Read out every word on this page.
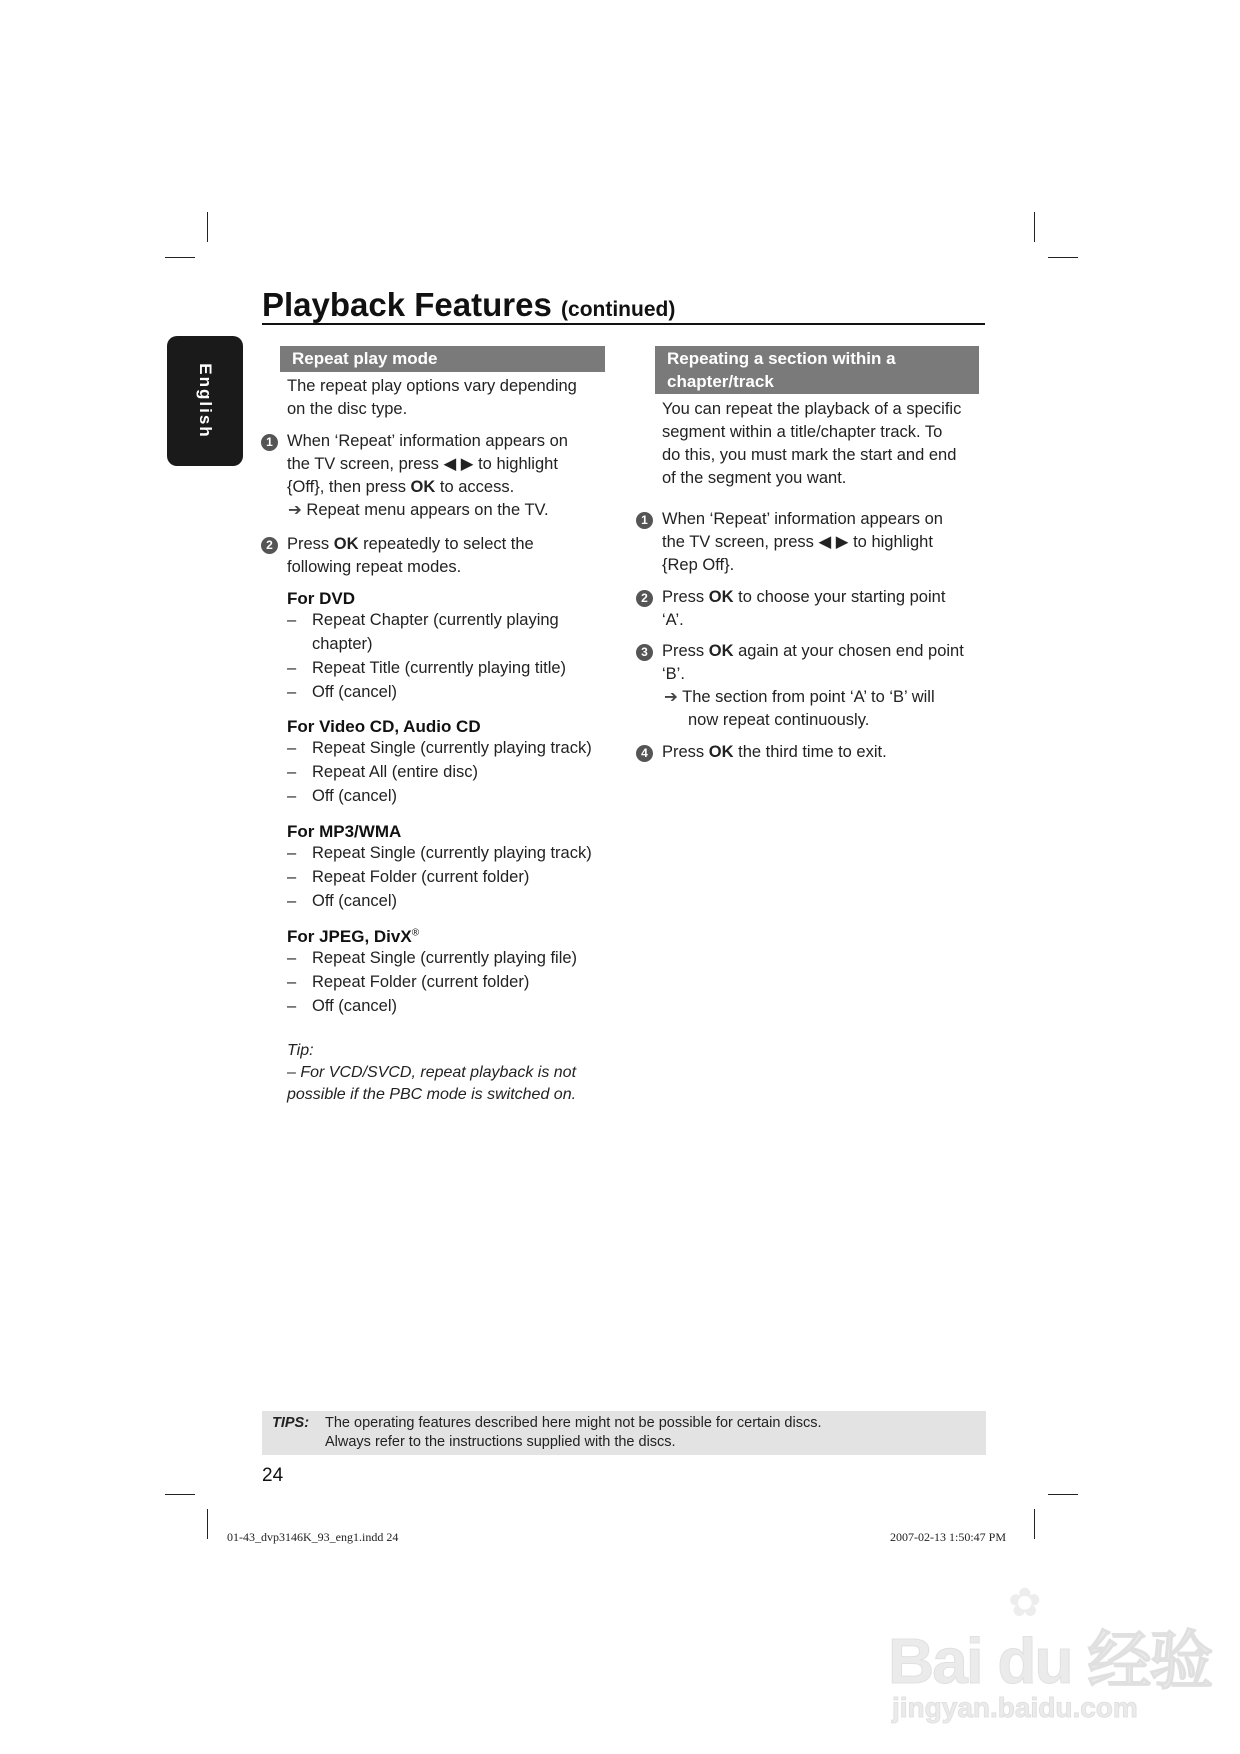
Playback Features (continued)
English
Repeat play mode
The repeat play options vary depending
on the disc type.
1 When ‘Repeat’ information appears on
the TV screen, press ◀ ▶ to highlight
{Off}, then press OK to access.
➔ Repeat menu appears on the TV.
2 Press OK repeatedly to select the
following repeat modes.
For DVD
– Repeat Chapter (currently playing
chapter)
– Repeat Title (currently playing title)
– Off (cancel)
For Video CD, Audio CD
– Repeat Single (currently playing track)
– Repeat All (entire disc)
– Off (cancel)
For MP3/WMA
– Repeat Single (currently playing track)
– Repeat Folder (current folder)
– Off (cancel)
For JPEG, DivX®
– Repeat Single (currently playing file)
– Repeat Folder (current folder)
– Off (cancel)
Tip:
– For VCD/SVCD, repeat playback is not
possible if the PBC mode is switched on.
Repeating a section within a
chapter/track
You can repeat the playback of a specific
segment within a title/chapter track. To
do this, you must mark the start and end
of the segment you want.
1 When ‘Repeat’ information appears on
the TV screen, press ◀ ▶ to highlight
{Rep Off}.
2 Press OK to choose your starting point
‘A’.
3 Press OK again at your chosen end point
‘B’.
➔ The section from point ‘A’ to ‘B’ will
now repeat continuously.
4 Press OK the third time to exit.
TIPS: The operating features described here might not be possible for certain discs.
Always refer to the instructions supplied with the discs.
24
01-43_dvp3146K_93_eng1.indd 24	2007-02-13 1:50:47 PM
✿
Bai du 经验
jingyan.baidu.com
